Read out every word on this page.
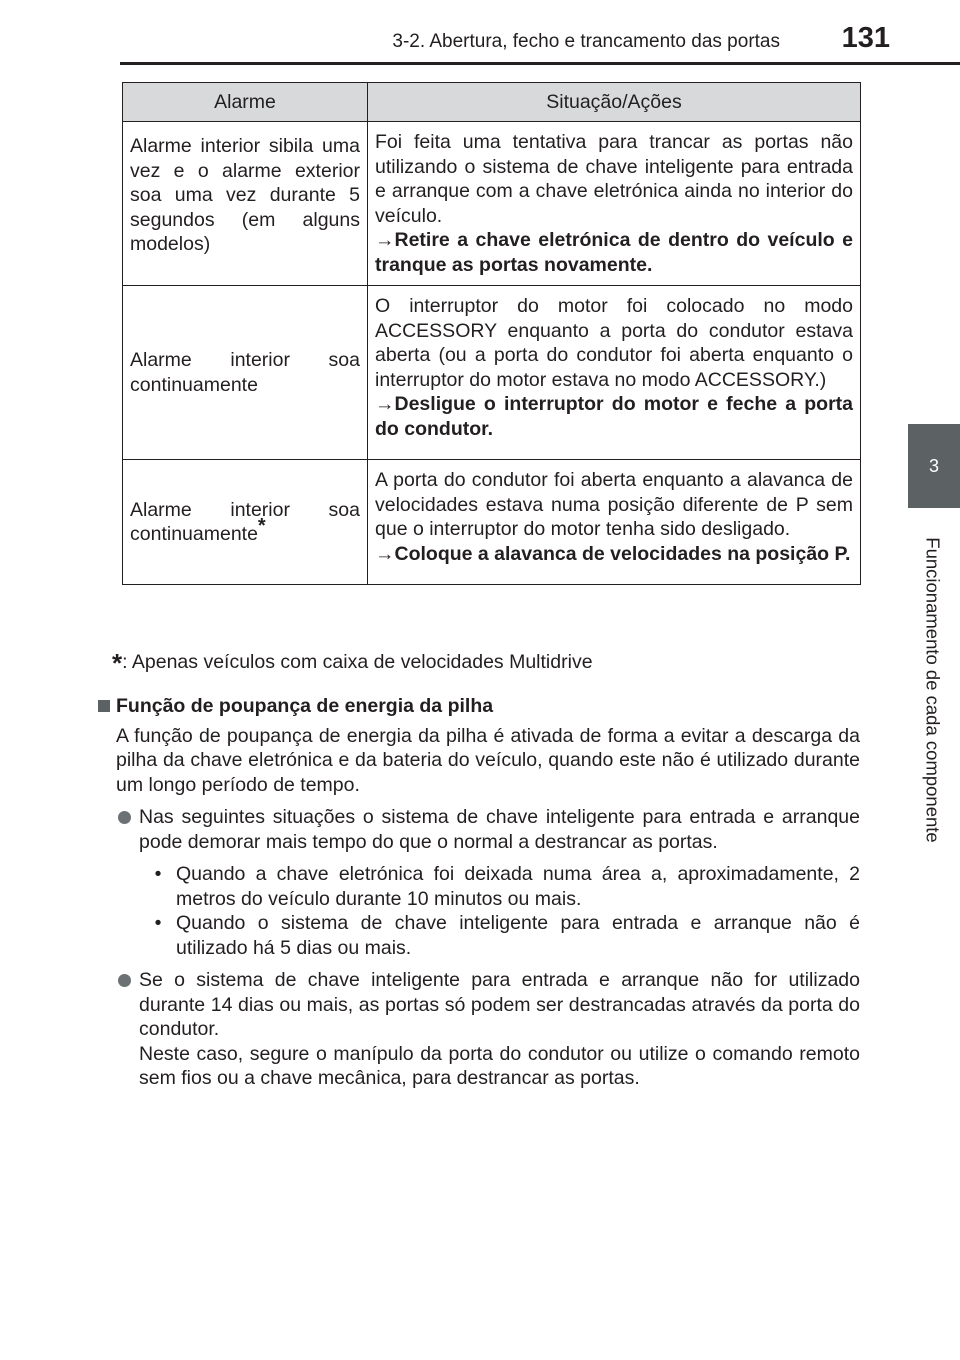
3-2. Abertura, fecho e trancamento das portas	131
3
Funcionamento de cada componente
Alarme	Situação/Ações
Alarme interior sibila uma vez e o alarme exterior soa uma vez durante 5 segundos (em alguns modelos)	Foi feita uma tentativa para trancar as portas não utilizando o sistema de chave inteligente para entrada e arranque com a chave eletrónica ainda no interior do veículo.
→Retire a chave eletrónica de dentro do veículo e tranque as portas novamente.
Alarme interior soa continuamente	O interruptor do motor foi colocado no modo ACCESSORY enquanto a porta do condutor estava aberta (ou a porta do condutor foi aberta enquanto o interruptor do motor estava no modo ACCESSORY.)
→Desligue o interruptor do motor e feche a porta do condutor.
Alarme interior soa continuamente*	A porta do condutor foi aberta enquanto a alavanca de velocidades estava numa posição diferente de P sem que o interruptor do motor tenha sido desligado.
→Coloque a alavanca de velocidades na posição P.
*: Apenas veículos com caixa de velocidades Multidrive
Função de poupança de energia da pilha
A função de poupança de energia da pilha é ativada de forma a evitar a descarga da pilha da chave eletrónica e da bateria do veículo, quando este não é utilizado durante um longo período de tempo.
Nas seguintes situações o sistema de chave inteligente para entrada e arranque pode demorar mais tempo do que o normal a destrancar as portas.
• Quando a chave eletrónica foi deixada numa área a, aproximadamente, 2 metros do veículo durante 10 minutos ou mais.
• Quando o sistema de chave inteligente para entrada e arranque não é utilizado há 5 dias ou mais.
Se o sistema de chave inteligente para entrada e arranque não for utilizado durante 14 dias ou mais, as portas só podem ser destrancadas através da porta do condutor.
Neste caso, segure o manípulo da porta do condutor ou utilize o comando remoto sem fios ou a chave mecânica, para destrancar as portas.
